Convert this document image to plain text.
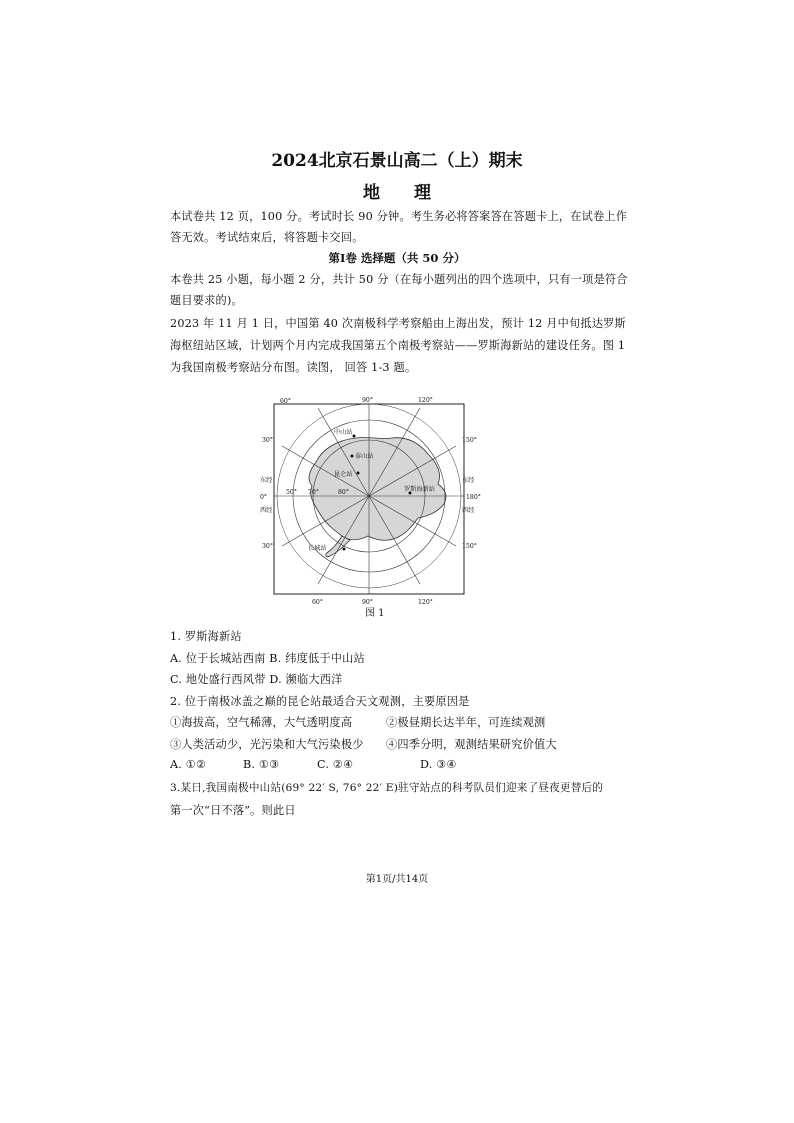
2024北京石景山高二（上）期末
地　　理
本试卷共 12 页，100 分。考试时长 90 分钟。考生务必将答案答在答题卡上，在试卷上作
答无效。考试结束后，将答题卡交回。
第Ⅰ卷 选择题（共 50 分）
本卷共 25 小题，每小题 2 分，共计 50 分（在每小题列出的四个选项中，只有一项是符合
题目要求的)。
2023 年 11 月 1 日，中国第 40 次南极科学考察船由上海出发，预计 12 月中旬抵达罗斯
海枢纽站区域，计划两个月内完成我国第五个南极考察站——罗斯海新站的建设任务。图 1
为我国南极考察站分布图。读图， 回答 1-3 题。
60°	90°	120°
30°
30°
150°
150°
60°	90°	120°
0°	180°
东经
西经
东经
西经
70°	80°
50°
中山站
泰山站
昆仑站
罗斯海新站
长城站
图 1
1. 罗斯海新站
A. 位于长城站西南 B. 纬度低于中山站
C. 地处盛行西风带 D. 濒临大西洋
2. 位于南极冰盖之巅的昆仑站最适合天文观测，主要原因是
①海拔高，空气稀薄，大气透明度高	②极昼期长达半年，可连续观测
③人类活动少，光污染和大气污染极少 ④四季分明，观测结果研究价值大
A. ①②	B. ①③	C. ②④	D. ③④
3.某日,我国南极中山站(69° 22′ S, 76° 22′ E)驻守站点的科考队员们迎来了昼夜更替后的
第一次“日不落”。则此日
第1页/共14页
